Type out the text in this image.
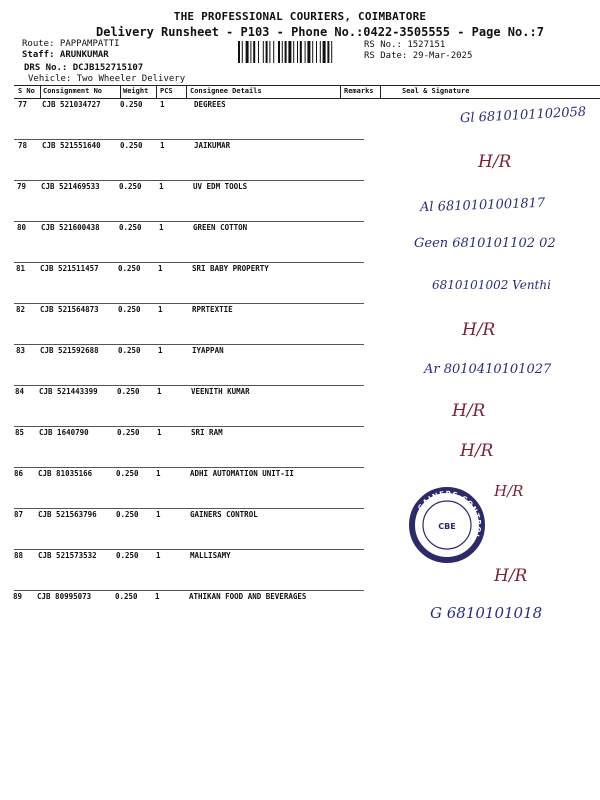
THE PROFESSIONAL COURIERS, COIMBATORE
Delivery Runsheet - P103 - Phone No.:0422-3505555 - Page No.:7
Route: PAPPAMPATTI
Staff: ARUNKUMAR
DRS No.: DCJB152715107
Vehicle: Two Wheeler Delivery
RS No.: 1527151
RS Date: 29-Mar-2025
S No Consignment No	Weight PCS Consignee Details	Remarks	Seal & Signature
77 CJB 521034727	0.250 1	DEGREES
78 CJB 521551640	0.250 1	JAIKUMAR
79 CJB 521469533	0.250 1	UV EDM TOOLS
80 CJB 521600438	0.250 1	GREEN COTTON
81 CJB 521511457	0.250 1	SRI BABY PROPERTY
82 CJB 521564873	0.250 1	RPRTEXTIE
83 CJB 521592688	0.250 1	IYAPPAN
84 CJB 521443399	0.250 1	VEENITH KUMAR
85 CJB 1640790	0.250 1	SRI RAM
86 CJB 81035166	0.250 1	ADHI AUTOMATION UNIT-II
87 CJB 521563796	0.250 1	GAINERS CONTROL
88 CJB 521573532	0.250 1	MALLISAMY
89 CJB 80995073	0.250 1	ATHIKAN FOOD AND BEVERAGES
Gl 6810101102058
H/R
Al 6810101001817
Geen 6810101102 02
6810101002 Venthi
H/R
Ar 8010410101027
H/R
H/R
H/R
H/R
G 6810101018
GAINERS CONTROL
CBE
